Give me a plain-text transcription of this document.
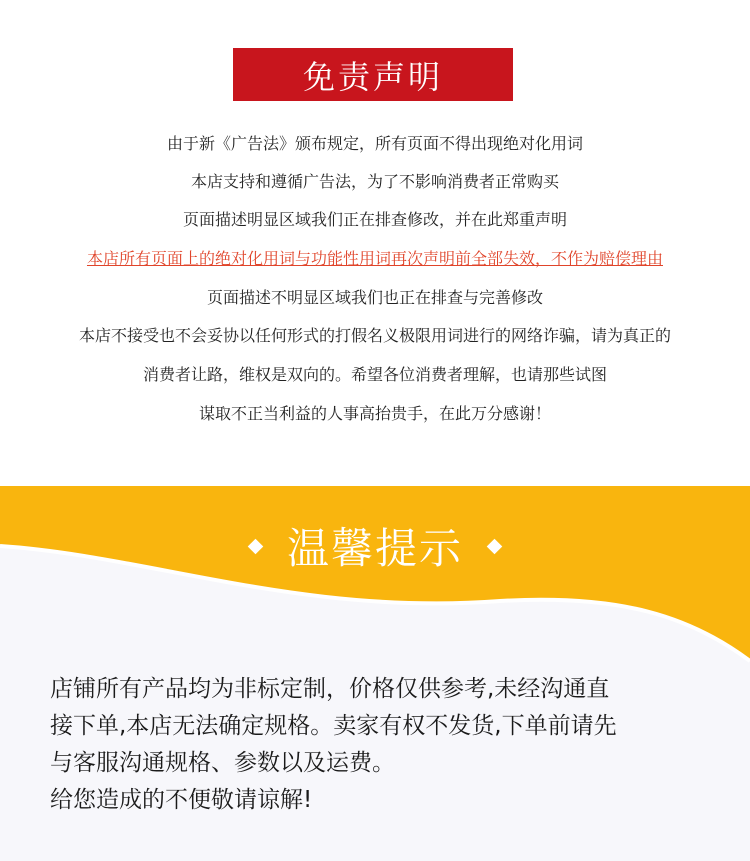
免责声明
由于新《广告法》颁布规定，所有页面不得出现绝对化用词
本店支持和遵循广告法，为了不影响消费者正常购买
页面描述明显区域我们正在排查修改，并在此郑重声明
本店所有页面上的绝对化用词与功能性用词再次声明前全部失效，不作为赔偿理由
页面描述不明显区域我们也正在排查与完善修改
本店不接受也不会妥协以任何形式的打假名义极限用词进行的网络诈骗，请为真正的
消费者让路，维权是双向的。希望各位消费者理解，也请那些试图
谋取不正当利益的人事高抬贵手，在此万分感谢！
温馨提示
店铺所有产品均为非标定制，价格仅供参考,未经沟通直
接下单,本店无法确定规格。卖家有权不发货,下单前请先
与客服沟通规格、参数以及运费。
给您造成的不便敬请谅解!
